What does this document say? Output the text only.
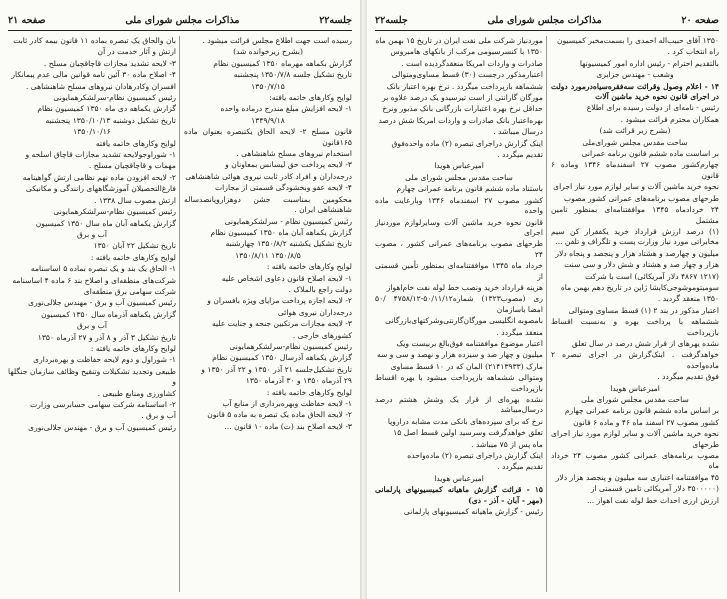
جلسه۲۲
مذاکرات مجلس شورای ملی
صفحه ۲۱

رسیده است جهت اطلاع مجلس قرائت میشود .

(بشرح زیرخوانده شد)

گزارش بکماهه مهرماه ۱۳۵۰ کمیسیون نظام

تاریخ تشکیل جلسه ۱۳۵۰/۷/۸ پنجشنبه

۱۳۵۰/۷/۱۵

لوایح وکارهای خاتمه یافته:

۱- لایحه افزایش مبلغ مندرج درماده واحده

۱۳۴۹/۹/۱۸

قانون مسلح ۲- لایحه الحاق یکتبصره بعنوان ماده ۱۶۵قانون

استخدام نیروهای مسلح شاهنشاهی .

۳- لایحه پرداخت حق لیسانس بمعاونان و

درجه‌داران و افراد کادر ثابت نیروی هوائی شاهنشاهی

۴- لایحه عفو وبخشودگی قسمتی از مجازات

محکومین بمناسبت جشن دوهزاروپانصدساله شاهنشاهی ایران .

رئیس کمیسیون نظام - سرلشکرهمایونی

گزارش یکماهه آبان ماه ۱۳۵۰ کمیسیون نظام

تاریخ تشکیل یکشنبه ۱۳۵۰/۸/۲ چهارشنبه

۱۳۵۰/۸/۵ ۱۳۵۰/۸/۱۱

لوایح وکارهای خاتمه یافته :

۱- لایحه اصلاح قانون دعاوی اشخاص علیه

دولت راجع بالملاک .

۲- لایحه اجازه پرداخت مزایای ویژه بافسران و

درجه‌داران نیروی هوائی

۳- لایحه مجازات مرتکبین جنحه و جنایت علیه

کشورهای خارجی .

رئیس کمیسیون نظام-سرلشکرهمایونی

گزارش یکماهه آذرسال ۱۳۵۰ کمیسیون نظام

تاریخ تشکیل‌جلسه ۲۱ آذر ۱۳۵۰ و ۲۲ آذر ۱۳۵۰ و

۲۹ آذرماه ۱۳۵۰ و ۳۰ آذرماه ۱۳۵۰

لوایح وکارهای خاتمه یافته :

۱- لایحه حفاظت وبهره‌برداری از منابع آب

۲- لایحه الحاق ماده یک تبصره به ماده ۵ قانون

۳- لایحه اصلاح بند (ت) ماده ۱۰ قانون ...

بان والحاق یک تبصره بماده ۱۱ قانون بیمه کادر ثابت

ارتش و آثار خدمت در آن

۳- لایحه تشدید مجازات قاچاقچیان مسلح .

۴- اصلاح ماده ۳۰ آئین نامه قوانین مالی عدم پیمانکار

افسران وکادرهادان نیروهای مسلح شاهنشاهی .

رئیس کمیسیون نظام-سرلشکرهمایونی

گزارش یکماهه دی ماه ۱۳۵۰ کمیسیون نظام

تاریخ تشکیل دوشنبه ۱۳۵۰/۱۰/۱۳ پنجشنبه

۱۳۵۰/۱۰/۱۶

لوایح وکارهای خاتمه یافته

۱- شوراوجولایحه تشدید مجازات قاچاق اسلحه و

مهمات و قاچاقچیان مسلح .

۲- لایحه افزودن ماده نهم نظامی ارتش گواهینامه

فارغ‌التحصیلان آموزشگاههای رانندگی و مکانیکی

ارتش مصوب سال ۱۳۳۸ .

رئیس کمیسیون نظام-سرلشکرهمایونی

گزارش یکماهه آبان ماه سال ۱۳۵۰ کمیسیون

آب و برق

تاریخ تشکیل ۲۲ آبان ۱۳۵۰

لوایح وکارهای خاتمه یافته :

۱- الحاق یک بند و یک تبصره بماده ۵ اساسنامه

شرکت‌های منطقه‌ای و اصلاح بند ۶ ماده ۴ اساسنامه

شرکت سهامی برق منطقه‌ای

رئیس کمیسیون آب و برق - مهندس جلالی‌نوری

گزارش یکماهه آذرماه سال ۱۳۵۰ کمیسیون

آب و برق

تاریخ تشکیل ۳ آذر و ۸ آذر و ۲۷ آذرماه ۱۳۵۰

لوایح وکارهای خاتمه یافته :

۱- شوراول و دوم لایحه حفاظت و بهره‌برداری

طبیعی وتجدید تشکیلات وتنقیح وظائف سازمان جنگلها و

کشاورزی ومنابع طبیعی .

۲- اساسنامه شرکت سهامی حسابرسی وزارت

آب و برق .

رئیس کمیسیون آب و برق - مهندس جلالی‌نوری

صفحه ۲۰
مذاکرات مجلس شورای ملی
جلسه۲۲

۱۳۵۰ آقای حبیب‌اله احمدی را بسمت‌مخبر کمیسیون

راه انتخاب کرد .

بالتقدیم احترام - رئیس اداره امور کمیسیونها

وشعب - مهندس جزایری

۱۴ - اعلام وصول وقرائت سه‌فقره‌سیاه‌درمورد دولت در اجرای قانون نحوه خرید ماشین آلات

رئیس - نامه‌ای از دولت رسیده برای اطلاع

همکاران محترم قرائت میشود .

(بشرح زیر قرائت شد)

ساحت مقدس مجلس شورای‌ملی

بر اساست ماده ششم قانون برنامه عمرانی

چهارم‌کشور مصوب ۲۷ اسفندماه ۱۳۴۶ وماده ۶ قانون

نحوه خرید ماشین آلات و سایر لوازم مورد نیاز اجرای

طرحهای مصوب برنامه‌های عمرانی کشور مصوب

۲۴ خردادماه ۱۳۴۵ موافقتنامه‌ای بمنظور تامین مشتمل

(۱) درصد ارزش قرارداد خرید یکفقرار کن سیم مخابراتی مورد نیاز وزارت پست و تلگراف و تلفن ...

میلیون و چهارصد و هشتاد هزار و پنجصد و پنجاه دلار

هزار و چهار صد و هشتاد و شش دلار و سی سنت

(۱۲۱۷ ۴۸۶۷ دلار آمریکائی) است با شرکت

سومیتوموشوجی‌کایشا ژاپن در تاریخ دهم بهمن ماه

۱۳۵۰ منعقد گردید .

اعتبار مذکور در بند ۲ (۱) قسط مساوی ومتوالی

ششماهه با پرداخت بهره و به‌نسبت اقساط بازپرداخت

نشده یهرهای از قرار شش درصد در سال تعلق

خواهدگرفت . اینک‌گزارش در اجرای تبصره ۲ ماده‌واحده

فوق تقدیم میگردد .

امیرعباس هویدا

ساحت مقدس مجلس شورای ملی

بر اساس ماده ششم قانون برنامه عمرانی چهارم

کشور مصوب ۲۷ اسفند ماه ۴۶ و ماده ۶ قانون

نحوه خرید ماشین آلات و سایر لوازم مورد نیاز اجرای طرحهای

مصوب برنامه‌های عمرانی کشور مصوب ۲۴ خرداد ماه

۴۵ موافقتنامه اعتباری سه میلیون و پنجصد هزار دلار

(۳۵۰۰۰۰۰ دلار آمریکائی تامین قسمتی از

ارزش ارزی احداث خط لوله نفت اهواز ...

موردنیاز شرکت ملی نفت ایران در تاریخ ۱۵ بهمن ماه

۱۳۵۰ با کنسرسیومی مرکب از بانکهای هامبروس

صادرات و واردات امریکا منعقدگردیده است .

اعتبارمذکور درجست (۳۰) قسط مساوی‌ومتوالی

ششماهه بازپرداخت میگردد . نرخ بهره اعتبار بانک

مورگان گارانتی از است تیرسیدو یک درصد علاوه بر

حداقل نرخ بهره اعتبارات بازرگانی بانک مذبور ونرخ

بهره‌اعتبار بانک صادرات و واردات امریکا شش درصد

درسال میباشد .

اینک گزارش دراجرای تبصره (۲) ماده واحده‌فوق

تقدیم میگردد .

امیرعباس هویدا

ساحت مقدس مجلس شورای ملی

باستناد ماده ششم قانون برنامه عمرانی چهارم

کشور مصوب ۲۷ اسفندماه ۱۳۴۶ وبارعایت ماده واحده

قانون نحوه خرید ماشین آلات وسایرلوازم موردنیاز اجرای

طرحهای مصوب برنامه‌های عمرانی کشور ، مصوب ۲۴

خرداد ماه ۱۳۴۵ موافقتنامه‌ای بمنظور تأمین قسمتی از

هزینه قرارداد خرید ونصب خط لوله نفت خام‌اهواز

ری (مصوب۱۳۲۳) شماره۵۰/۱۱/۱۲-۴۷۵۸/۱۲ /۵۰ امضا باسازمان

بامصوبه انگلیسی مورگان‌گارنتی‌وشرکتهای‌بازرگانی

منعقد میگردد .

اعتبار موضوع موافقتنامه فوق‌بالغ بربیست ویک

میلیون و چهار صد و سیزده هزار و نهصد و سی و سه

مارک (۲۱۴۱۳۹۳۳) المان که در ۱۰ قسط مساوی

ومتوالی ششماهه بازپرداخت میشود با بهره اقساط بازپرداخت

نشده بهره‌ای از قرار یک وشش هشتم درصد درسال‌میباشد

نرخ که برای سپرده‌های بانکی مدت مشابه دراروپا

تعلق خواهدگرفت وسرسید اولین قسط اصل ۱۵

ماه پس از ۷۵ میباشد .

اینک گزارش دراجرای تبصره (۲) ماده‌واحده‌

تقدیم میگردد .

امیرعباس هویدا

۱۵ - قرائت گزارش ماهیانه کمیسیونهای پارلمانی (مهر - آبان - آذر - دی)

رئیس - گزارش ماهیانه کمیسیونهای پارلمانی
